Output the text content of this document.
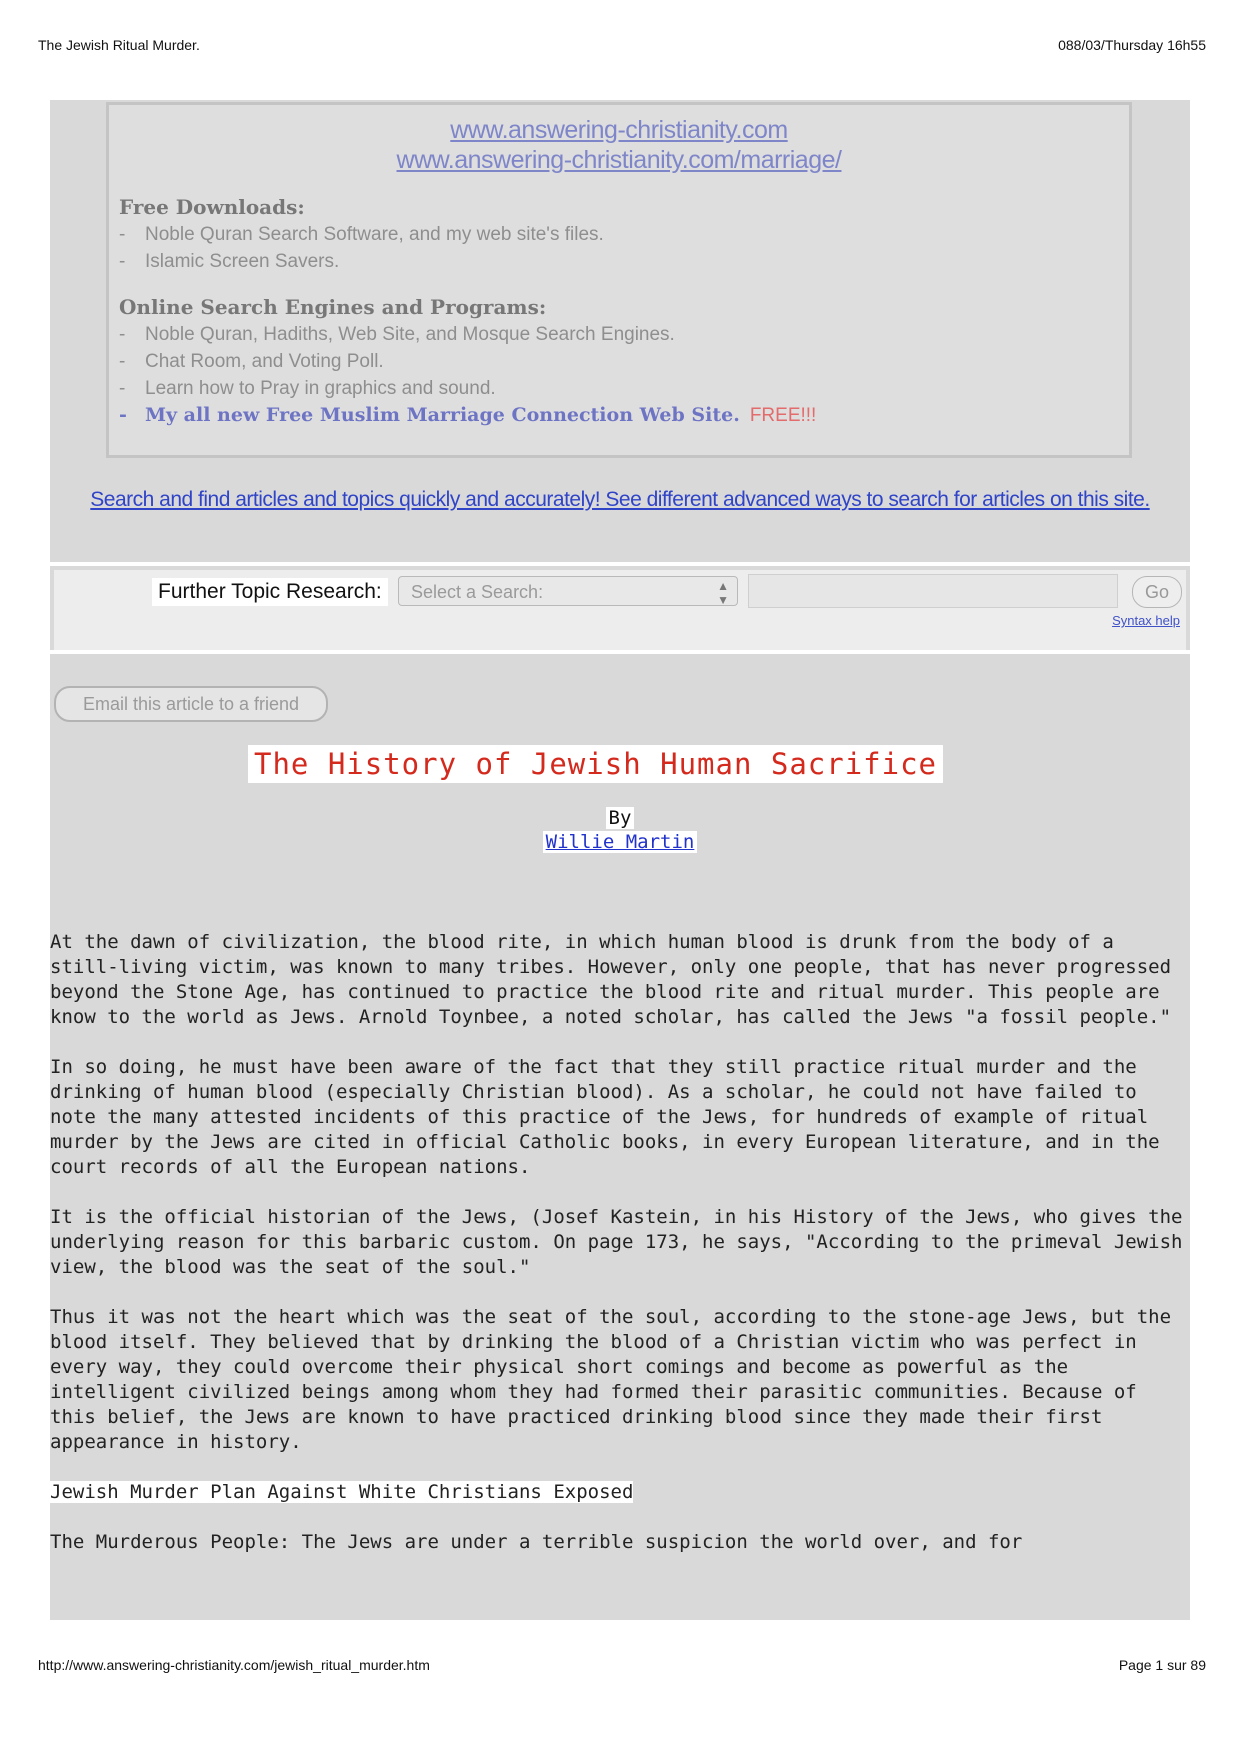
The Jewish Ritual Murder.	088/03/Thursday 16h55
www.answering-christianity.com
www.answering-christianity.com/marriage/
Free Downloads:
- Noble Quran Search Software, and my web site's files.
- Islamic Screen Savers.
Online Search Engines and Programs:
- Noble Quran, Hadiths, Web Site, and Mosque Search Engines.
- Chat Room, and Voting Poll.
- Learn how to Pray in graphics and sound.
- My all new Free Muslim Marriage Connection Web Site. FREE!!!
Search and find articles and topics quickly and accurately! See different advanced ways to search for articles on this site.
Further Topic Research:	Select a Search:	▲
▼	Go
Syntax help
Email this article to a friend
The History of Jewish Human Sacrifice
By
Willie Martin

At the dawn of civilization, the blood rite, in which human blood is drunk from the body of a still-living victim, was known to many tribes. However, only one people, that has never progressed beyond the Stone Age, has continued to practice the blood rite and ritual murder. This people are know to the world as Jews. Arnold Toynbee, a noted scholar, has called the Jews "a fossil people."

In so doing, he must have been aware of the fact that they still practice ritual murder and the drinking of human blood (especially Christian blood). As a scholar, he could not have failed to note the many attested incidents of this practice of the Jews, for hundreds of example of ritual murder by the Jews are cited in official Catholic books, in every European literature, and in the court records of all the European nations.

It is the official historian of the Jews, (Josef Kastein, in his History of the Jews, who gives the underlying reason for this barbaric custom. On page 173, he says, "According to the primeval Jewish view, the blood was the seat of the soul."

Thus it was not the heart which was the seat of the soul, according to the stone-age Jews, but the blood itself. They believed that by drinking the blood of a Christian victim who was perfect in every way, they could overcome their physical short comings and become as powerful as the intelligent civilized beings among whom they had formed their parasitic communities. Because of this belief, the Jews are known to have practiced drinking blood since they made their first appearance in history.

Jewish Murder Plan Against White Christians Exposed

The Murderous People: The Jews are under a terrible suspicion the world over, and for

http://www.answering-christianity.com/jewish_ritual_murder.htm	Page 1 sur 89
